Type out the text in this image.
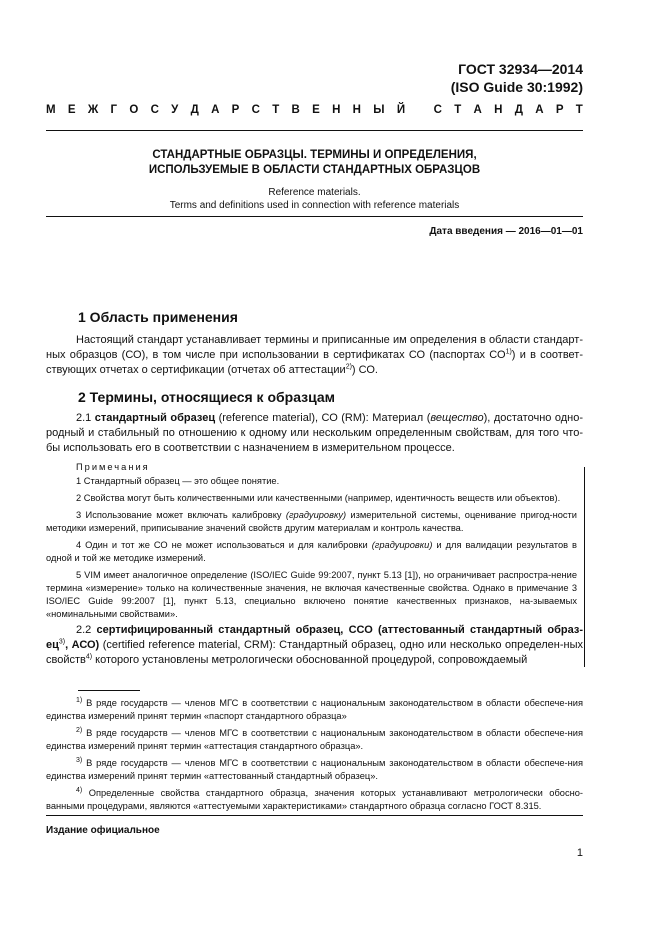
ГОСТ 32934—2014
(ISO Guide 30:1992)
М Е Ж Г О С У Д А Р С Т В Е Н Н Ы Й С Т А Н Д А Р Т
СТАНДАРТНЫЕ ОБРАЗЦЫ. ТЕРМИНЫ И ОПРЕДЕЛЕНИЯ,
ИСПОЛЬЗУЕМЫЕ В ОБЛАСТИ СТАНДАРТНЫХ ОБРАЗЦОВ
Reference materials.
Terms and definitions used in connection with reference materials
Дата введения — 2016—01—01
1 Область применения
Настоящий стандарт устанавливает термины и приписанные им определения в области стандарт-ных образцов (СО), в том числе при использовании в сертификатах СО (паспортах СО$^{1)}$) и в соответ-ствующих отчетах о сертификации (отчетах об аттестации$^{2)}$) СО.
2 Термины, относящиеся к образцам
2.1 стандартный образец (reference material), СО (RM): Материал (вещество), достаточно одно-родный и стабильный по отношению к одному или нескольким определенным свойствам, для того что-бы использовать его в соответствии с назначением в измерительном процессе.
Примечания
1 Стандартный образец — это общее понятие.
2 Свойства могут быть количественными или качественными (например, идентичность веществ или объектов).
3 Использование может включать калибровку (градуировку) измерительной системы, оценивание пригод-ности методики измерений, приписывание значений свойств другим материалам и контроль качества.
4 Один и тот же СО не может использоваться и для калибровки (градуировки) и для валидации результатов в одной и той же методике измерений.
5 VIM имеет аналогичное определение (ISO/IEC Guide 99:2007, пункт 5.13 [1]), но ограничивает распростра-нение термина «измерение» только на количественные значения, не включая качественные свойства. Однако в примечание 3 ISO/IEC Guide 99:2007 [1], пункт 5.13, специально включено понятие качественных признаков, на-зываемых «номинальными свойствами».
2.2 сертифицированный стандартный образец, ССО (аттестованный стандартный образ-$ец^{3)}$, АСО) (certified reference material, CRM): Стандартный образец, одно или несколько определен-ных свойств$^{4)}$ которого установлены метрологически обоснованной процедурой, сопровождаемый
$^{1)}$ В ряде государств — членов МГС в соответствии с национальным законодательством в области обеспече-ния единства измерений принят термин «паспорт стандартного образца»
$^{2)}$ В ряде государств — членов МГС в соответствии с национальным законодательством в области обеспече-ния единства измерений принят термин «аттестация стандартного образца».
$^{3)}$ В ряде государств — членов МГС в соответствии с национальным законодательством в области обеспече-ния единства измерений принят термин «аттестованный стандартный образец».
$^{4)}$ Определенные свойства стандартного образца, значения которых устанавливают метрологически обосно-ванными процедурами, являются «аттестуемыми характеристиками» стандартного образца согласно ГОСТ 8.315.
Издание официальное
1
